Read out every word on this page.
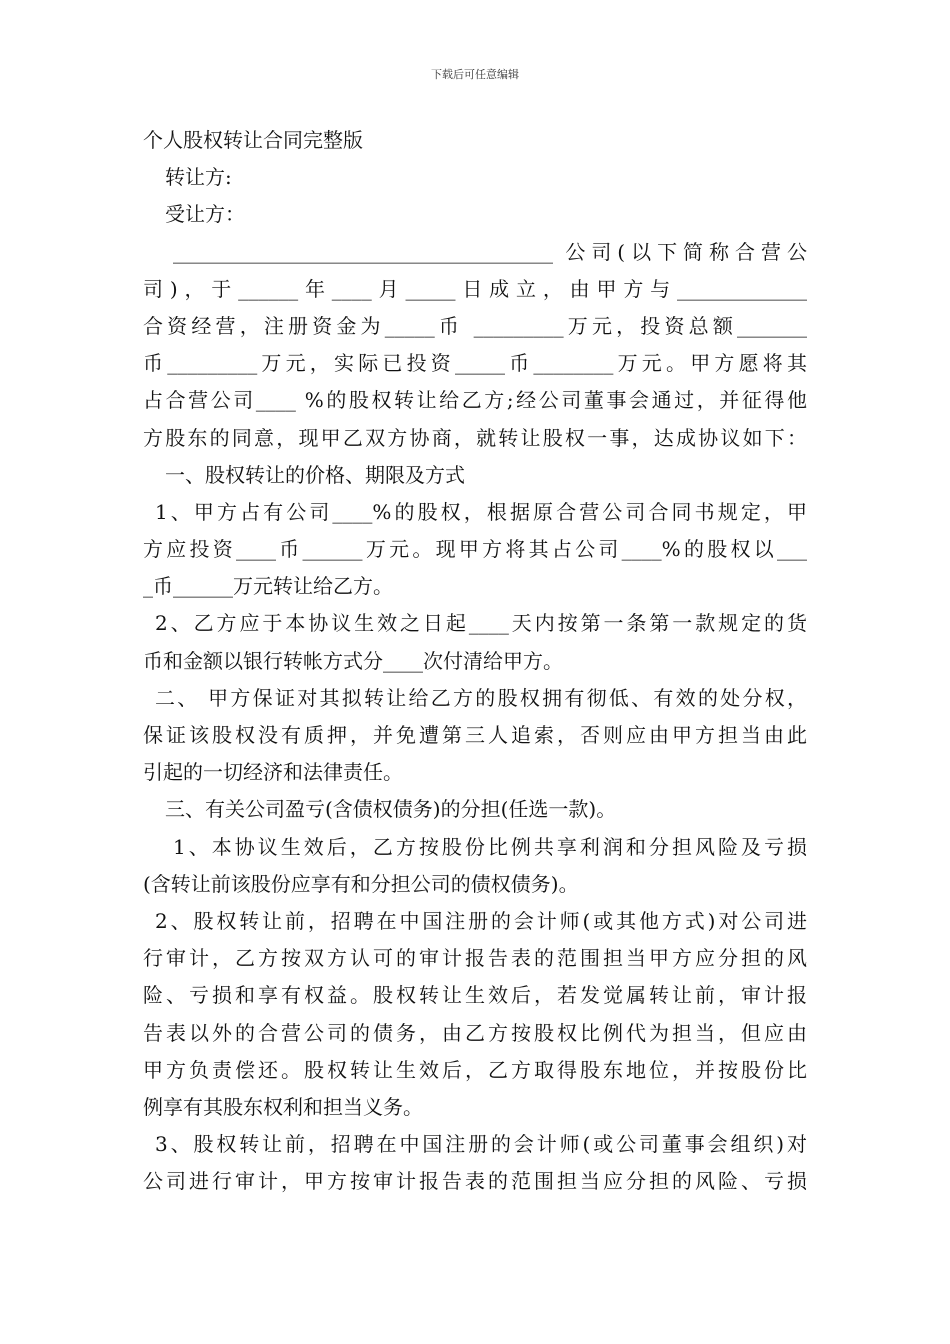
下载后可任意编辑
个人股权转让合同完整版
转让方:
受让方：
______________________________________ 公司(以下简称合营公
司)，于______年____月_____日成立，由甲方与_____________
合资经营，注册资金为_____币 _________万元，投资总额_______
币_________万元，实际已投资_____币________万元。甲方愿将其
占合营公司____ %的股权转让给乙方;经公司董事会通过，并征得他
方股东的同意，现甲乙双方协商，就转让股权一事，达成协议如下：
一、股权转让的价格、期限及方式
1、甲方占有公司____%的股权，根据原合营公司合同书规定，甲
方应投资____币______万元。现甲方将其占公司____%的股权以___
_币______万元转让给乙方。
2、乙方应于本协议生效之日起____天内按第一条第一款规定的货
币和金额以银行转帐方式分____次付清给甲方。
二、 甲方保证对其拟转让给乙方的股权拥有彻低、有效的处分权，
保证该股权没有质押，并免遭第三人追索，否则应由甲方担当由此
引起的一切经济和法律责任。
三、有关公司盈亏(含债权债务)的分担(任选一款)。
1、本协议生效后，乙方按股份比例共享利润和分担风险及亏损
(含转让前该股份应享有和分担公司的债权债务)。
2、股权转让前，招聘在中国注册的会计师(或其他方式)对公司进
行审计，乙方按双方认可的审计报告表的范围担当甲方应分担的风
险、亏损和享有权益。股权转让生效后，若发觉属转让前，审计报
告表以外的合营公司的债务，由乙方按股权比例代为担当，但应由
甲方负责偿还。股权转让生效后，乙方取得股东地位，并按股份比
例享有其股东权利和担当义务。
3、股权转让前，招聘在中国注册的会计师(或公司董事会组织)对
公司进行审计，甲方按审计报告表的范围担当应分担的风险、亏损
